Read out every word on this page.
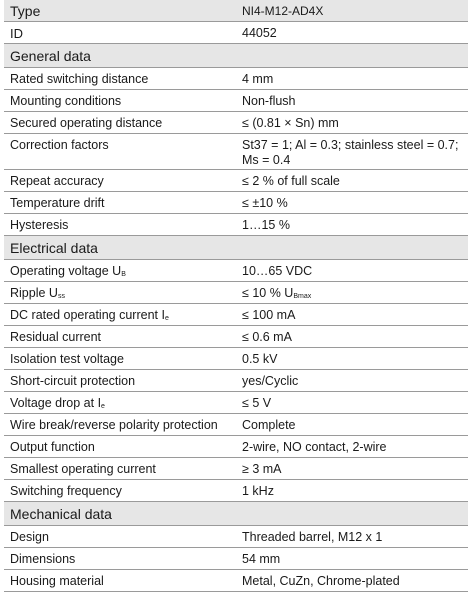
Type	NI4-M12-AD4X
ID	44052
General data
Rated switching distance	4 mm
Mounting conditions	Non-flush
Secured operating distance	≤ (0.81 × Sn) mm
Correction factors	St37 = 1; Al = 0.3; stainless steel = 0.7;
Ms = 0.4
Repeat accuracy	≤ 2 % of full scale
Temperature drift	≤ ±10 %
Hysteresis	1…15 %
Electrical data
Operating voltage $U_B$	10…65 VDC
Ripple $U_{ss}$	≤ 10 % $U_{Bmax}$
DC rated operating current $I_e$	≤ 100 mA
Residual current	≤ 0.6 mA
Isolation test voltage	0.5 kV
Short-circuit protection	yes/Cyclic
Voltage drop at $I_e$	≤ 5 V
Wire break/reverse polarity protection	Complete
Output function	2-wire, NO contact, 2-wire
Smallest operating current	≥ 3 mA
Switching frequency	1 kHz
Mechanical data
Design	Threaded barrel, M12 x 1
Dimensions	54 mm
Housing material	Metal, CuZn, Chrome-plated
